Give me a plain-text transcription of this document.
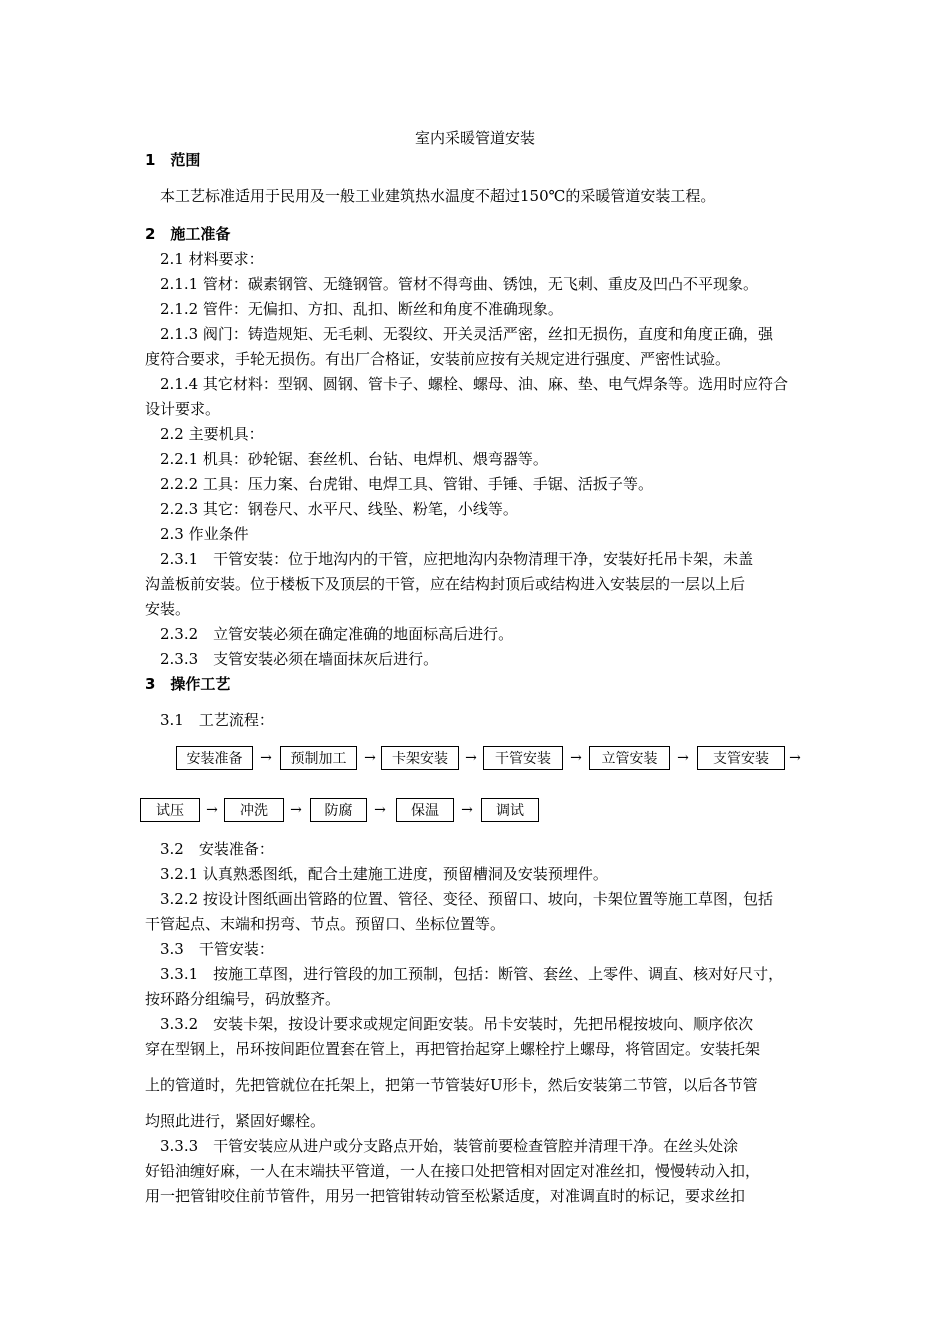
室内采暖管道安装
1　范围
本工艺标准适用于民用及一般工业建筑热水温度不超过150℃的采暖管道安装工程。
2　施工准备
2.1 材料要求：
2.1.1 管材：碳素钢管、无缝钢管。管材不得弯曲、锈蚀，无飞刺、重皮及凹凸不平现象。
2.1.2 管件：无偏扣、方扣、乱扣、断丝和角度不准确现象。
2.1.3 阀门：铸造规矩、无毛刺、无裂纹、开关灵活严密，丝扣无损伤，直度和角度正确，强
度符合要求，手轮无损伤。有出厂合格证，安装前应按有关规定进行强度、严密性试验。
2.1.4 其它材料：型钢、圆钢、管卡子、螺栓、螺母、油、麻、垫、电气焊条等。选用时应符合
设计要求。
2.2 主要机具：
2.2.1 机具：砂轮锯、套丝机、台钻、电焊机、煨弯器等。
2.2.2 工具：压力案、台虎钳、电焊工具、管钳、手锤、手锯、活扳子等。
2.2.3 其它：钢卷尺、水平尺、线坠、粉笔，小线等。
2.3 作业条件
2.3.1　干管安装：位于地沟内的干管，应把地沟内杂物清理干净，安装好托吊卡架，未盖
沟盖板前安装。位于楼板下及顶层的干管，应在结构封顶后或结构进入安装层的一层以上后
安装。
2.3.2　立管安装必须在确定准确的地面标高后进行。
2.3.3　支管安装必须在墙面抹灰后进行。
3　操作工艺
3.1　工艺流程：
安装准备	→	预制加工	→	卡架安装	→	干管安装	→	立管安装	→	支管安装	→
试压	→	冲洗	→	防腐	→	保温	→	调试
3.2　安装准备：
3.2.1 认真熟悉图纸，配合土建施工进度，预留槽洞及安装预埋件。
3.2.2 按设计图纸画出管路的位置、管径、变径、预留口、坡向，卡架位置等施工草图，包括
干管起点、末端和拐弯、节点。预留口、坐标位置等。
3.3　干管安装：
3.3.1　按施工草图，进行管段的加工预制，包括：断管、套丝、上零件、调直、核对好尺寸，
按环路分组编号，码放整齐。
3.3.2　安装卡架，按设计要求或规定间距安装。吊卡安装时，先把吊棍按坡向、顺序依次
穿在型钢上，吊环按间距位置套在管上，再把管抬起穿上螺栓拧上螺母，将管固定。安装托架
上的管道时，先把管就位在托架上，把第一节管装好U形卡，然后安装第二节管，以后各节管
均照此进行，紧固好螺栓。
3.3.3　干管安装应从进户或分支路点开始，装管前要检查管腔并清理干净。在丝头处涂
好铅油缠好麻，一人在末端扶平管道，一人在接口处把管相对固定对准丝扣，慢慢转动入扣，
用一把管钳咬住前节管件，用另一把管钳转动管至松紧适度，对准调直时的标记，要求丝扣
